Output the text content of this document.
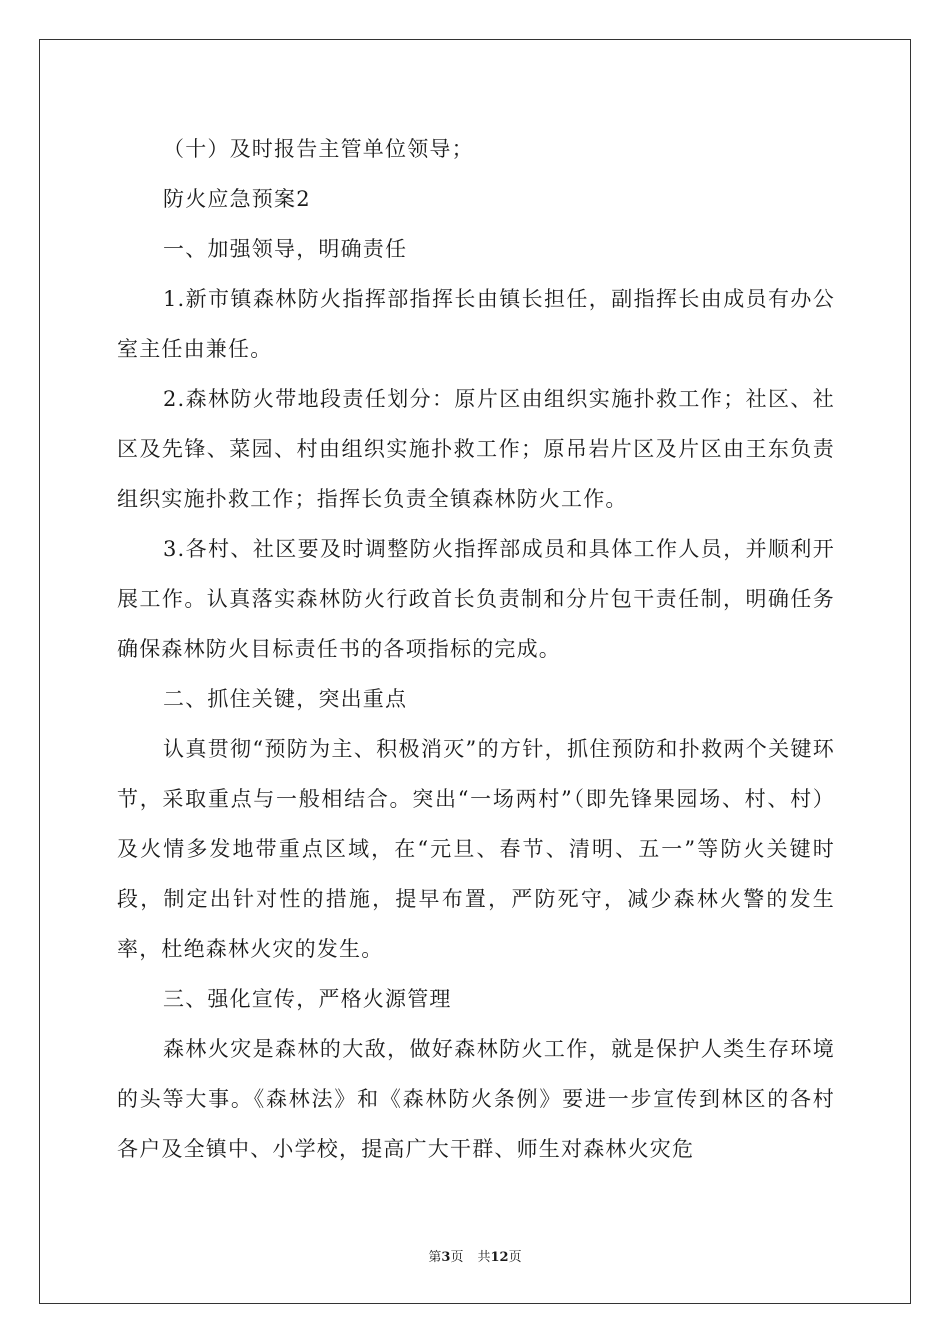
（十）及时报告主管单位领导；

防火应急预案2

一、加强领导，明确责任

1.新市镇森林防火指挥部指挥长由镇长担任，副指挥长由成员有办公室主任由兼任。

2.森林防火带地段责任划分：原片区由组织实施扑救工作；社区、社区及先锋、菜园、村由组织实施扑救工作；原吊岩片区及片区由王东负责组织实施扑救工作；指挥长负责全镇森林防火工作。

3.各村、社区要及时调整防火指挥部成员和具体工作人员，并顺利开展工作。认真落实森林防火行政首长负责制和分片包干责任制，明确任务确保森林防火目标责任书的各项指标的完成。

二、抓住关键，突出重点

认真贯彻“预防为主、积极消灭”的方针，抓住预防和扑救两个关键环节，采取重点与一般相结合。突出“一场两村”（即先锋果园场、村、村）及火情多发地带重点区域，在“元旦、春节、清明、五一”等防火关键时段，制定出针对性的措施，提早布置，严防死守，减少森林火警的发生率，杜绝森林火灾的发生。

三、强化宣传，严格火源管理

森林火灾是森林的大敌，做好森林防火工作，就是保护人类生存环境的头等大事。《森林法》和《森林防火条例》要进一步宣传到林区的各村各户及全镇中、小学校，提高广大干群、师生对森林火灾危

第3页 共12页
